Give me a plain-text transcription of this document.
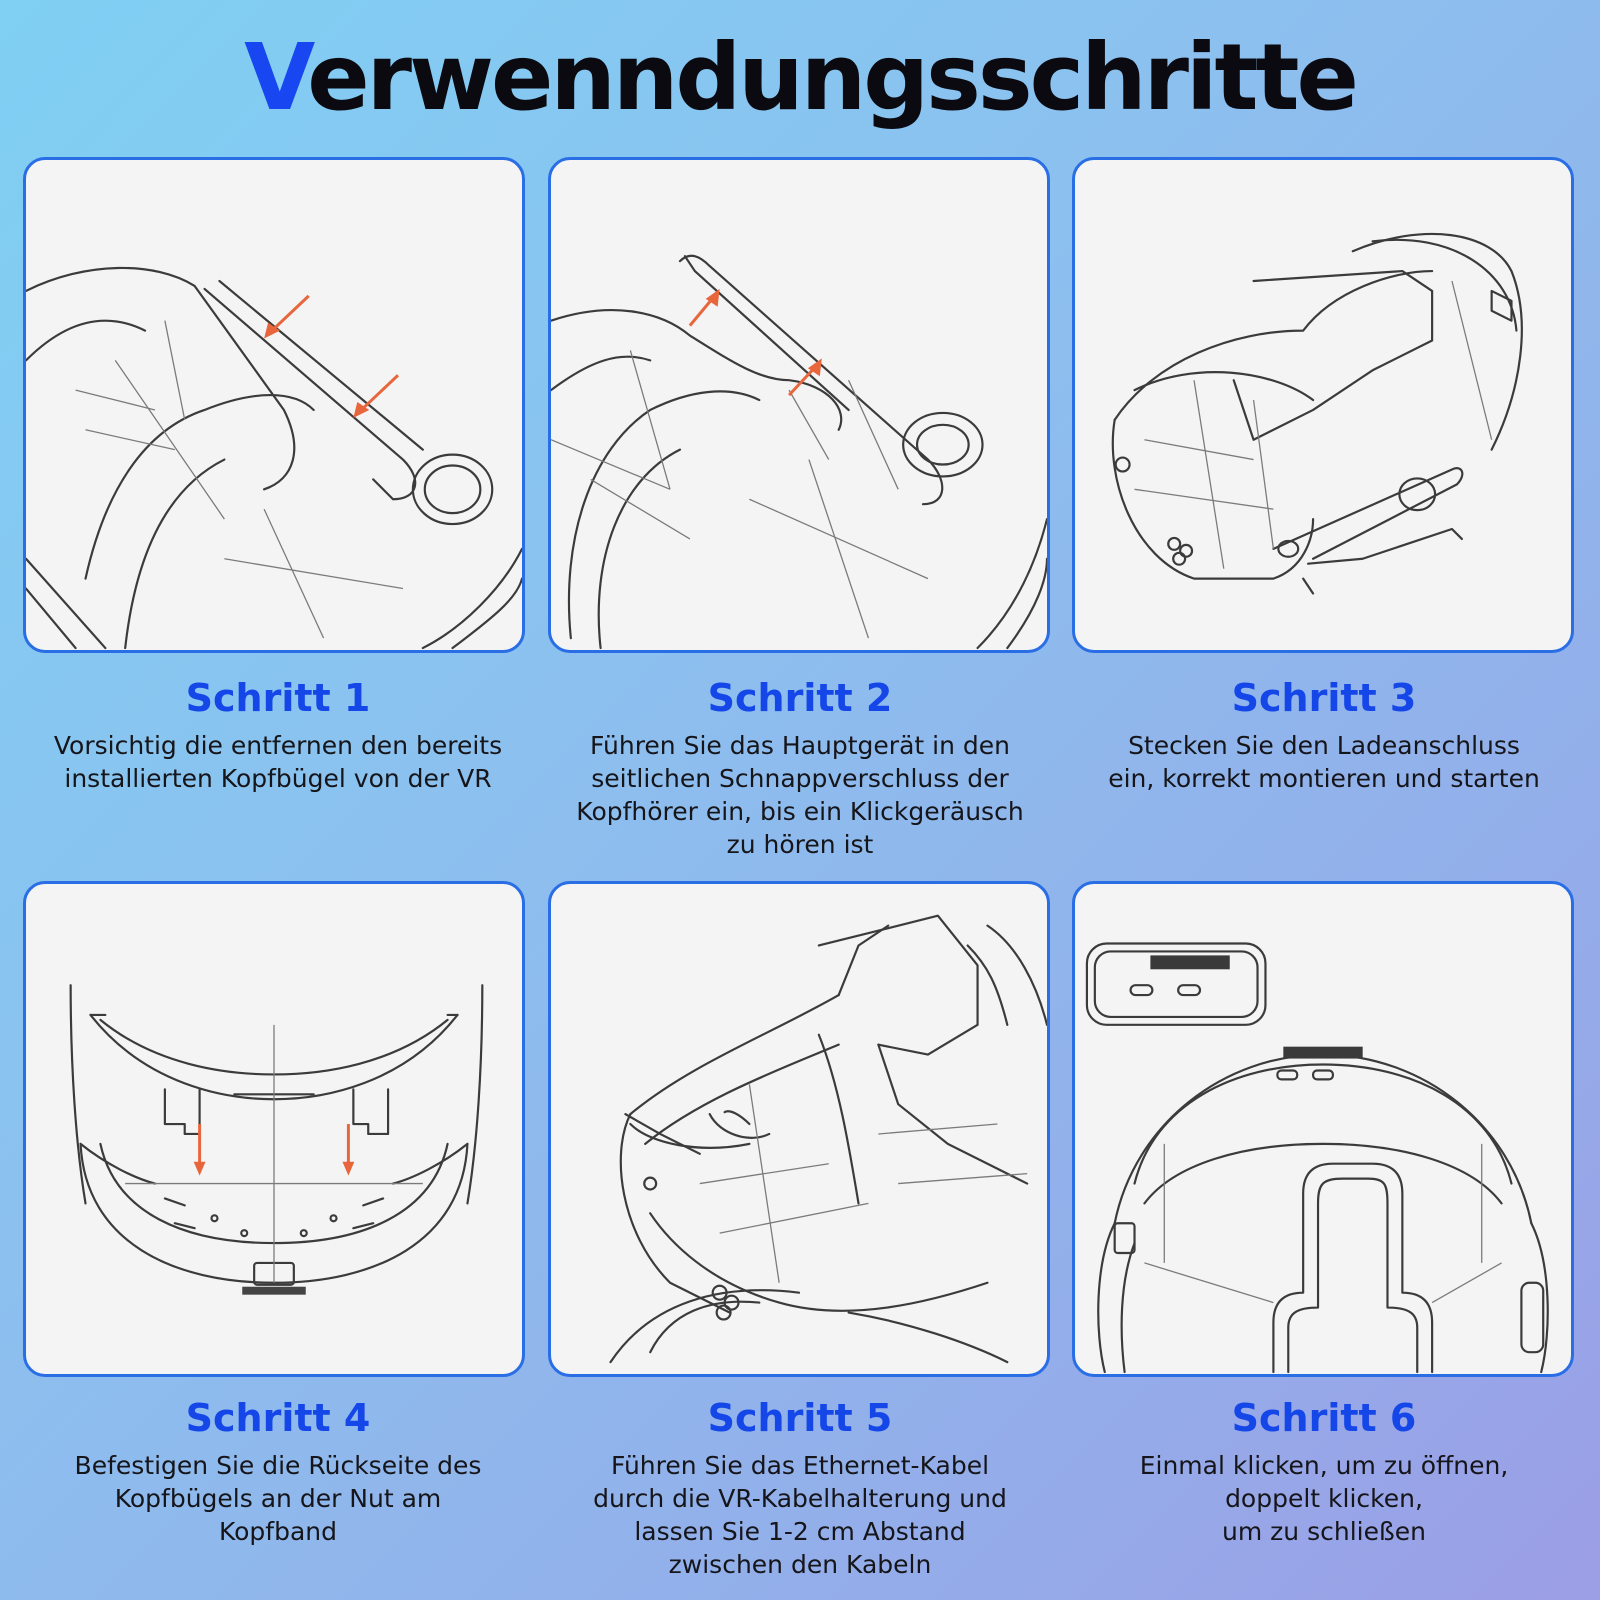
Verwenndungsschritte
Schritt 1
Vorsichtig die entfernen den bereits
installierten Kopfbügel von der VR
Schritt 2
Führen Sie das Hauptgerät in den
seitlichen Schnappverschluss der
Kopfhörer ein, bis ein Klickgeräusch
zu hören ist
Schritt 3
Stecken Sie den Ladeanschluss
ein, korrekt montieren und starten
Schritt 4
Befestigen Sie die Rückseite des
Kopfbügels an der Nut am
Kopfband
Schritt 5
Führen Sie das Ethernet-Kabel
durch die VR-Kabelhalterung und
lassen Sie 1-2 cm Abstand
zwischen den Kabeln
Schritt 6
Einmal klicken, um zu öffnen,
doppelt klicken,
um zu schließen
